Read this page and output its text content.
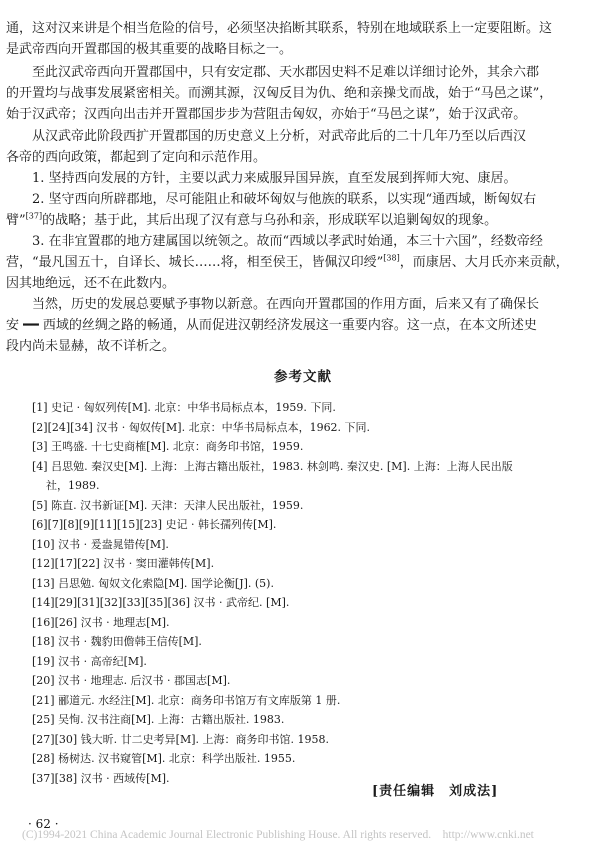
通，这对汉来讲是个相当危险的信号，必须坚决掐断其联系，特别在地域联系上一定要阻断。这
是武帝西向开置郡国的极其重要的战略目标之一。
至此汉武帝西向开置郡国中，只有安定郡、天水郡因史料不足难以详细讨论外，其余六郡
的开置均与战事发展紧密相关。而溯其源，汉匈反目为仇、绝和亲操戈而战，始于“马邑之谋”，
始于汉武帝；汉西向出击并开置郡国步步为营阻击匈奴，亦始于“马邑之谋”，始于汉武帝。
从汉武帝此阶段西扩开置郡国的历史意义上分析，对武帝此后的二十几年乃至以后西汉
各帝的西向政策，都起到了定向和示范作用。
1. 坚持西向发展的方针，主要以武力来威服异国异族，直至发展到挥师大宛、康居。
2. 坚守西向所辟郡地，尽可能阻止和破坏匈奴与他族的联系，以实现“通西域，断匈奴右
臂”[37]的战略；基于此，其后出现了汉有意与乌孙和亲，形成联军以追剿匈奴的现象。
3. 在非宜置郡的地方建属国以统领之。故而“西域以孝武时始通，本三十六国”，经数帝经
营，“最凡国五十，自译长、城长……将，相至侯王，皆佩汉印绶”[38]，而康居、大月氏亦来贡献，
因其地绝远，还不在此数内。
当然，历史的发展总要赋予事物以新意。在西向开置郡国的作用方面，后来又有了确保长
安 ━━ 西域的丝绸之路的畅通，从而促进汉朝经济发展这一重要内容。这一点，在本文所述史
段内尚未显赫，故不详析之。
参考文献
[1] 史记 · 匈奴列传[M]. 北京：中华书局标点本，1959. 下同.
[2][24][34] 汉书 · 匈奴传[M]. 北京：中华书局标点本，1962. 下同.
[3] 王鸣盛. 十七史商榷[M]. 北京：商务印书馆，1959.
[4] 吕思勉. 秦汉史[M]. 上海：上海古籍出版社，1983. 林剑鸣. 秦汉史. [M]. 上海：上海人民出版
社，1989.
[5] 陈直. 汉书新证[M]. 天津：天津人民出版社，1959.
[6][7][8][9][11][15][23] 史记 · 韩长孺列传[M].
[10] 汉书 · 爰盎晁错传[M].
[12][17][22] 汉书 · 窦田灌韩传[M].
[13] 吕思勉. 匈奴文化索隐[M]. 国学论衡[J]. (5).
[14][29][31][32][33][35][36] 汉书 · 武帝纪. [M].
[16][26] 汉书 · 地理志[M].
[18] 汉书 · 魏豹田儋韩王信传[M].
[19] 汉书 · 高帝纪[M].
[20] 汉书 · 地理志. 后汉书 · 郡国志[M].
[21] 郦道元. 水经注[M]. 北京：商务印书馆万有文库版第 1 册.
[25] 吴恂. 汉书注商[M]. 上海：古籍出版社. 1983.
[27][30] 钱大昕. 廿二史考异[M]. 上海：商务印书馆. 1958.
[28] 杨树达. 汉书窥管[M]. 北京：科学出版社. 1955.
[37][38] 汉书 · 西域传[M].
[责任编辑　刘成法]
· 62 ·
(C)1994-2021 China Academic Journal Electronic Publishing House. All rights reserved.　http://www.cnki.net
